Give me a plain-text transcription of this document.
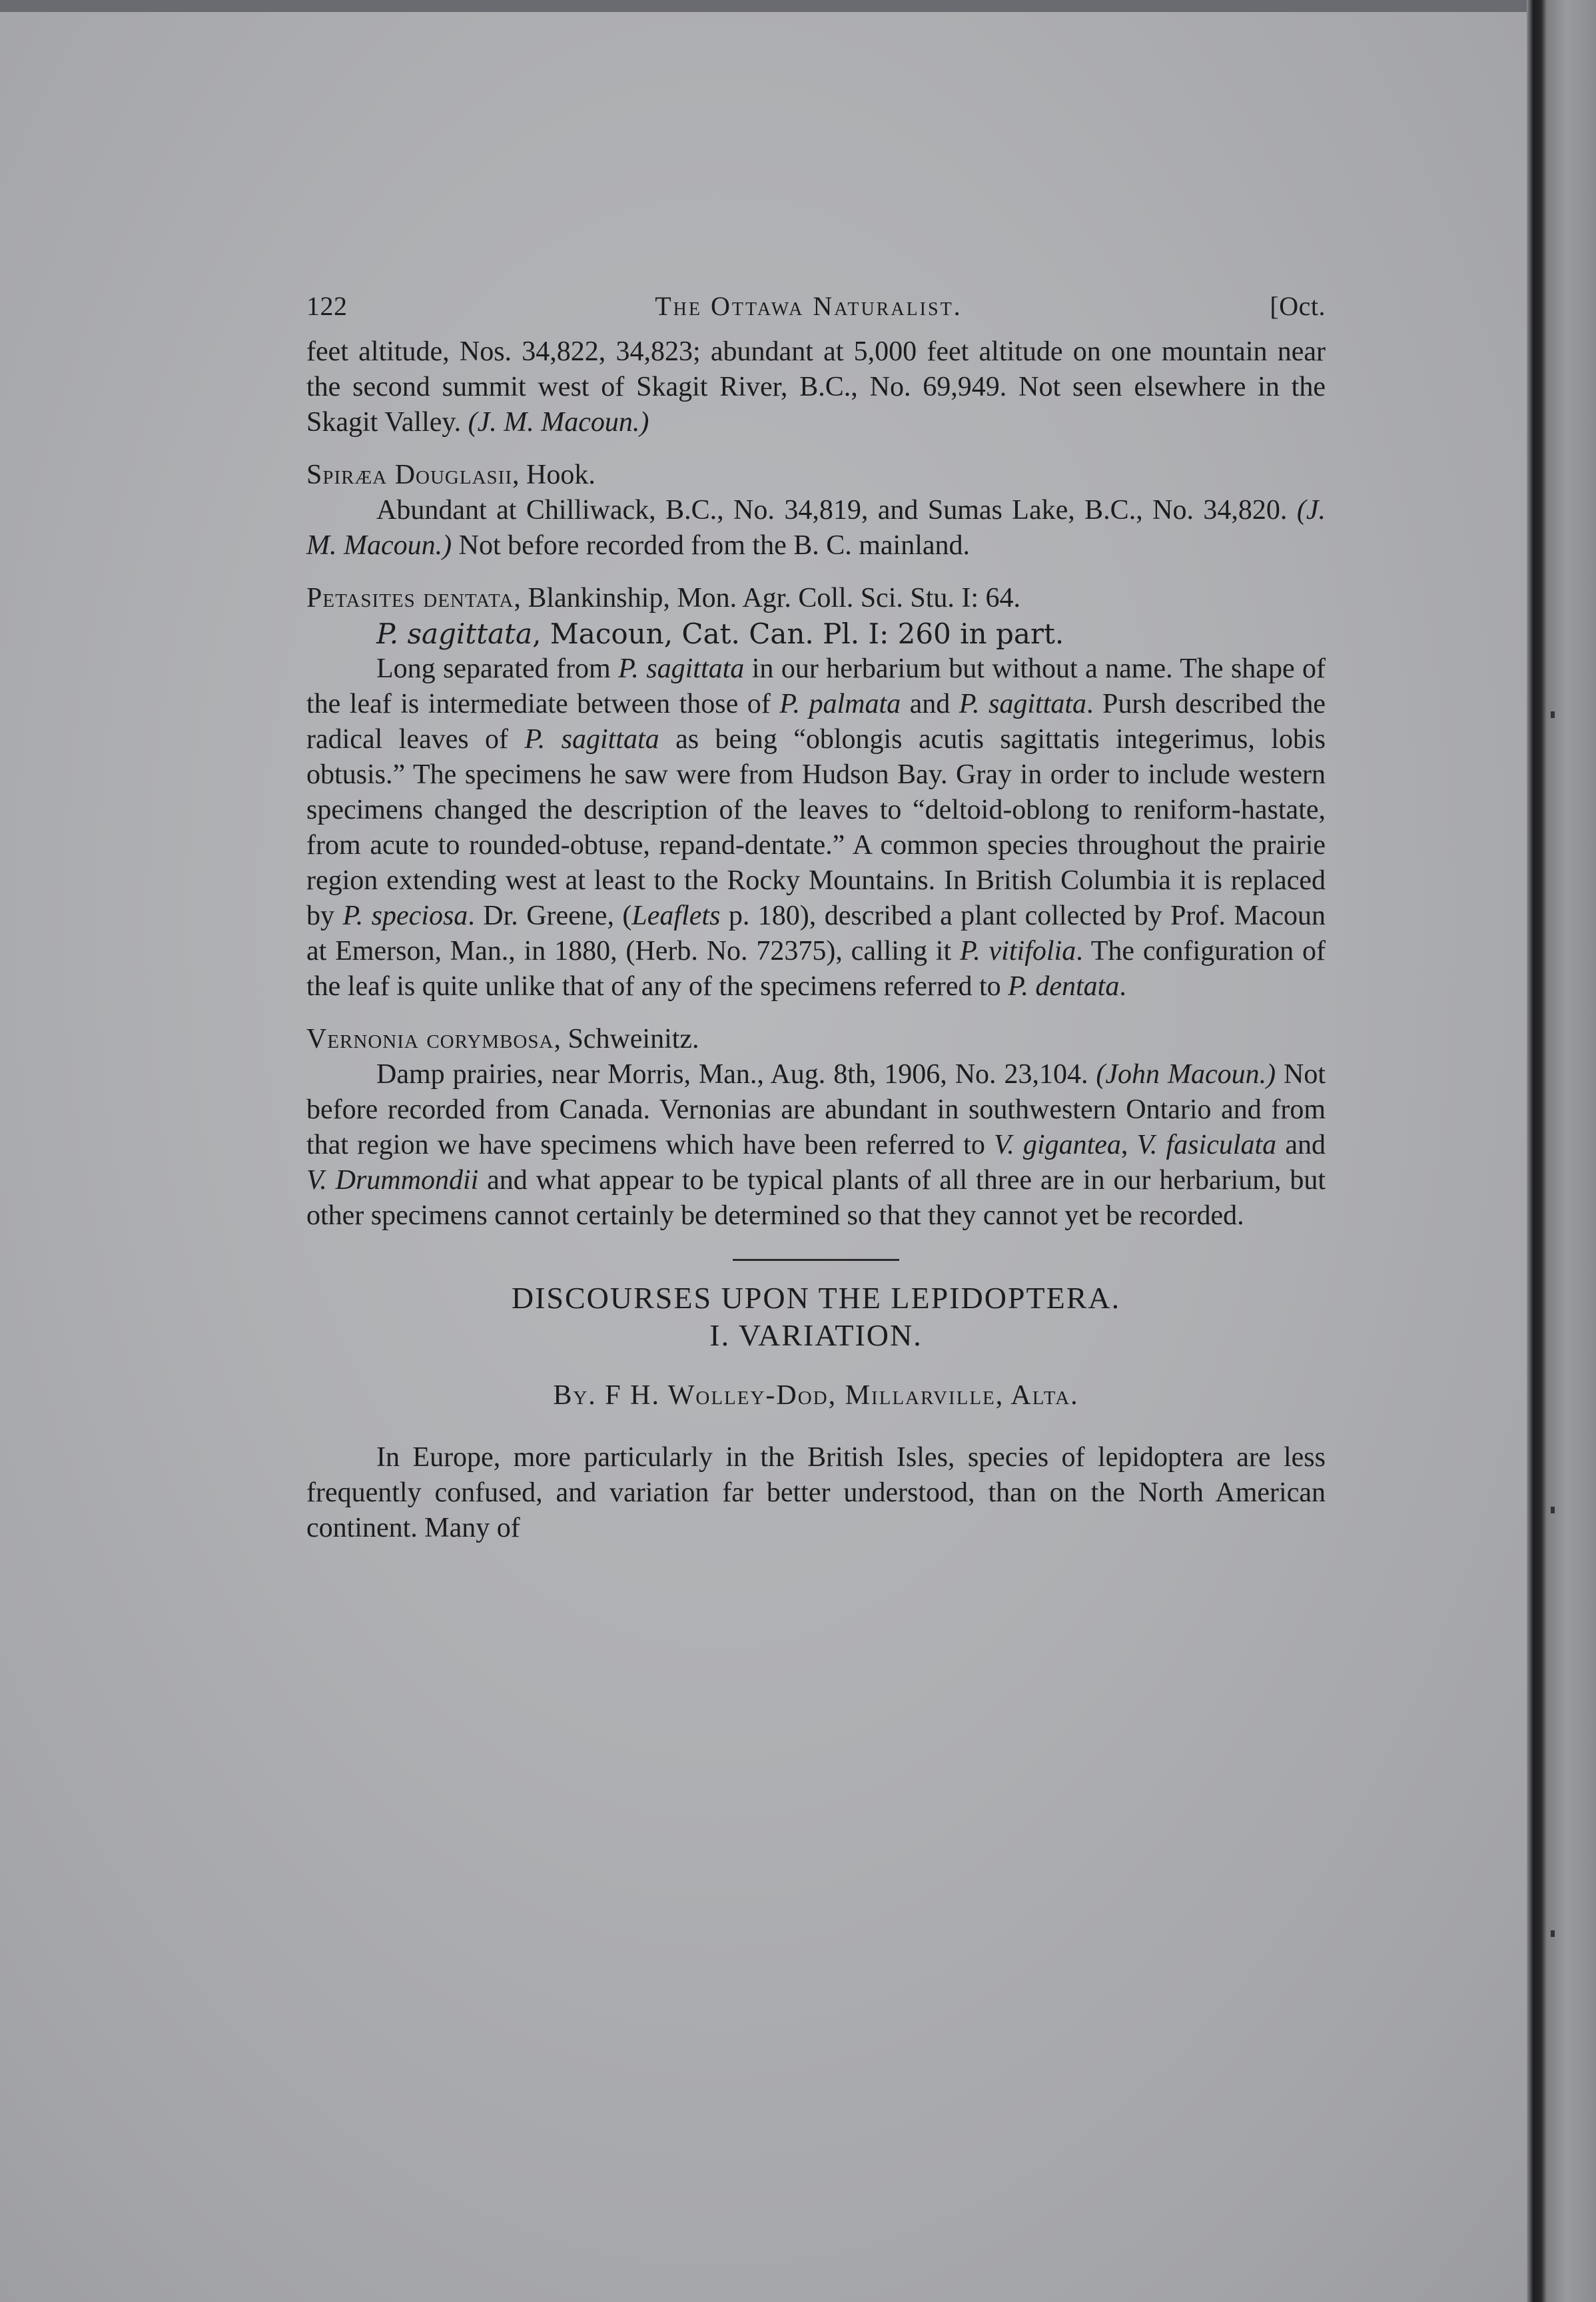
122	The Ottawa Naturalist.	[Oct.

feet altitude, Nos. 34,822, 34,823; abundant at 5,000 feet altitude on one mountain near the second summit west of Skagit River, B.C., No. 69,949. Not seen elsewhere in the Skagit Valley. (J. M. Macoun.)

Spiræa Douglasii, Hook.

Abundant at Chilliwack, B.C., No. 34,819, and Sumas Lake, B.C., No. 34,820. (J. M. Macoun.) Not before recorded from the B. C. mainland.

Petasites dentata, Blankinship, Mon. Agr. Coll. Sci. Stu. I: 64.
P. sagittata, Macoun, Cat. Can. Pl. I: 260 in part.

Long separated from P. sagittata in our herbarium but without a name. The shape of the leaf is intermediate between those of P. palmata and P. sagittata. Pursh described the radical leaves of P. sagittata as being “oblongis acutis sagittatis integerimus, lobis obtusis.” The specimens he saw were from Hudson Bay. Gray in order to include western specimens changed the description of the leaves to “deltoid-oblong to reniform-hastate, from acute to rounded-obtuse, repand-dentate.” A common species throughout the prairie region extending west at least to the Rocky Mountains. In British Columbia it is replaced by P. speciosa. Dr. Greene, (Leaflets p. 180), described a plant collected by Prof. Macoun at Emerson, Man., in 1880, (Herb. No. 72375), calling it P. vitifolia. The configuration of the leaf is quite unlike that of any of the specimens referred to P. dentata.

Vernonia corymbosa, Schweinitz.

Damp prairies, near Morris, Man., Aug. 8th, 1906, No. 23,104. (John Macoun.) Not before recorded from Canada. Vernonias are abundant in southwestern Ontario and from that region we have specimens which have been referred to V. gigantea, V. fasiculata and V. Drummondii and what appear to be typical plants of all three are in our herbarium, but other specimens cannot certainly be determined so that they cannot yet be recorded.

DISCOURSES UPON THE LEPIDOPTERA.
I. VARIATION.
By. F H. Wolley-Dod, Millarville, Alta.

In Europe, more particularly in the British Isles, species of lepidoptera are less frequently confused, and variation far better understood, than on the North American continent. Many of
